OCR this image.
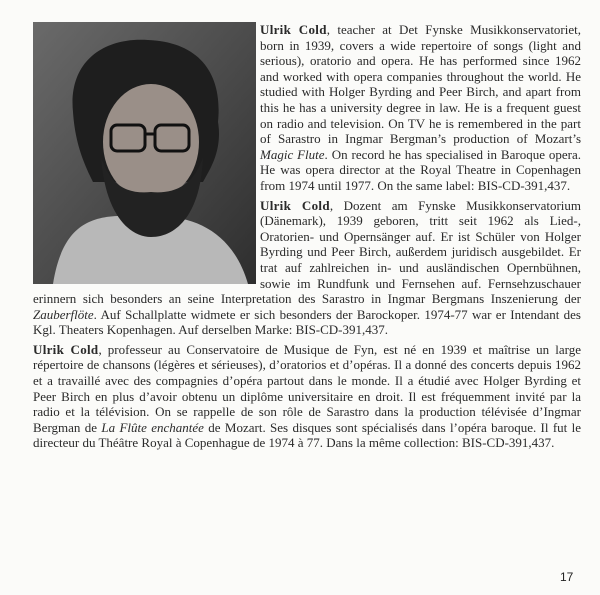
Ulrik Cold, teacher at Det Fynske Musikkonservatoriet, born in 1939, covers a wide repertoire of songs (light and serious), oratorio and opera. He has performed since 1962 and worked with opera companies throughout the world. He studied with Holger Byrding and Peer Birch, and apart from this he has a university degree in law. He is a frequent guest on radio and television. On TV he is remembered in the part of Sarastro in Ingmar Bergman’s production of Mozart’s Magic Flute. On record he has specialised in Baroque opera. He was opera director at the Royal Theatre in Copenhagen from 1974 until 1977. On the same label: BIS-CD-391,437.

Ulrik Cold, Dozent am Fynske Musikkonservatorium (Dänemark), 1939 geboren, tritt seit 1962 als Lied-, Oratorien- und Opernsänger auf. Er ist Schüler von Holger Byrding und Peer Birch, außerdem juridisch ausgebildet. Er trat auf zahlreichen in- und ausländischen Opernbühnen, sowie im Rundfunk und Fernsehen auf. Fernsehzuschauer erinnern sich besonders an seine Interpretation des Sarastro in Ingmar Bergmans Inszenierung der Zauberflöte. Auf Schallplatte widmete er sich besonders der Barockoper. 1974-77 war er Intendant des Kgl. Theaters Kopenhagen. Auf derselben Marke: BIS-CD-391,437.

Ulrik Cold, professeur au Conservatoire de Musique de Fyn, est né en 1939 et maîtrise un large répertoire de chansons (légères et sérieuses), d’oratorios et d’opéras. Il a donné des concerts depuis 1962 et a travaillé avec des compagnies d’opéra partout dans le monde. Il a étudié avec Holger Byrding et Peer Birch en plus d’avoir obtenu un diplôme universitaire en droit. Il est fréquemment invité par la radio et la télévision. On se rappelle de son rôle de Sarastro dans la production télévisée d’Ingmar Bergman de La Flûte enchantée de Mozart. Ses disques sont spécialisés dans l’opéra baroque. Il fut le directeur du Théâtre Royal à Copenhague de 1974 à 77. Dans la même collection: BIS-CD-391,437.

17
